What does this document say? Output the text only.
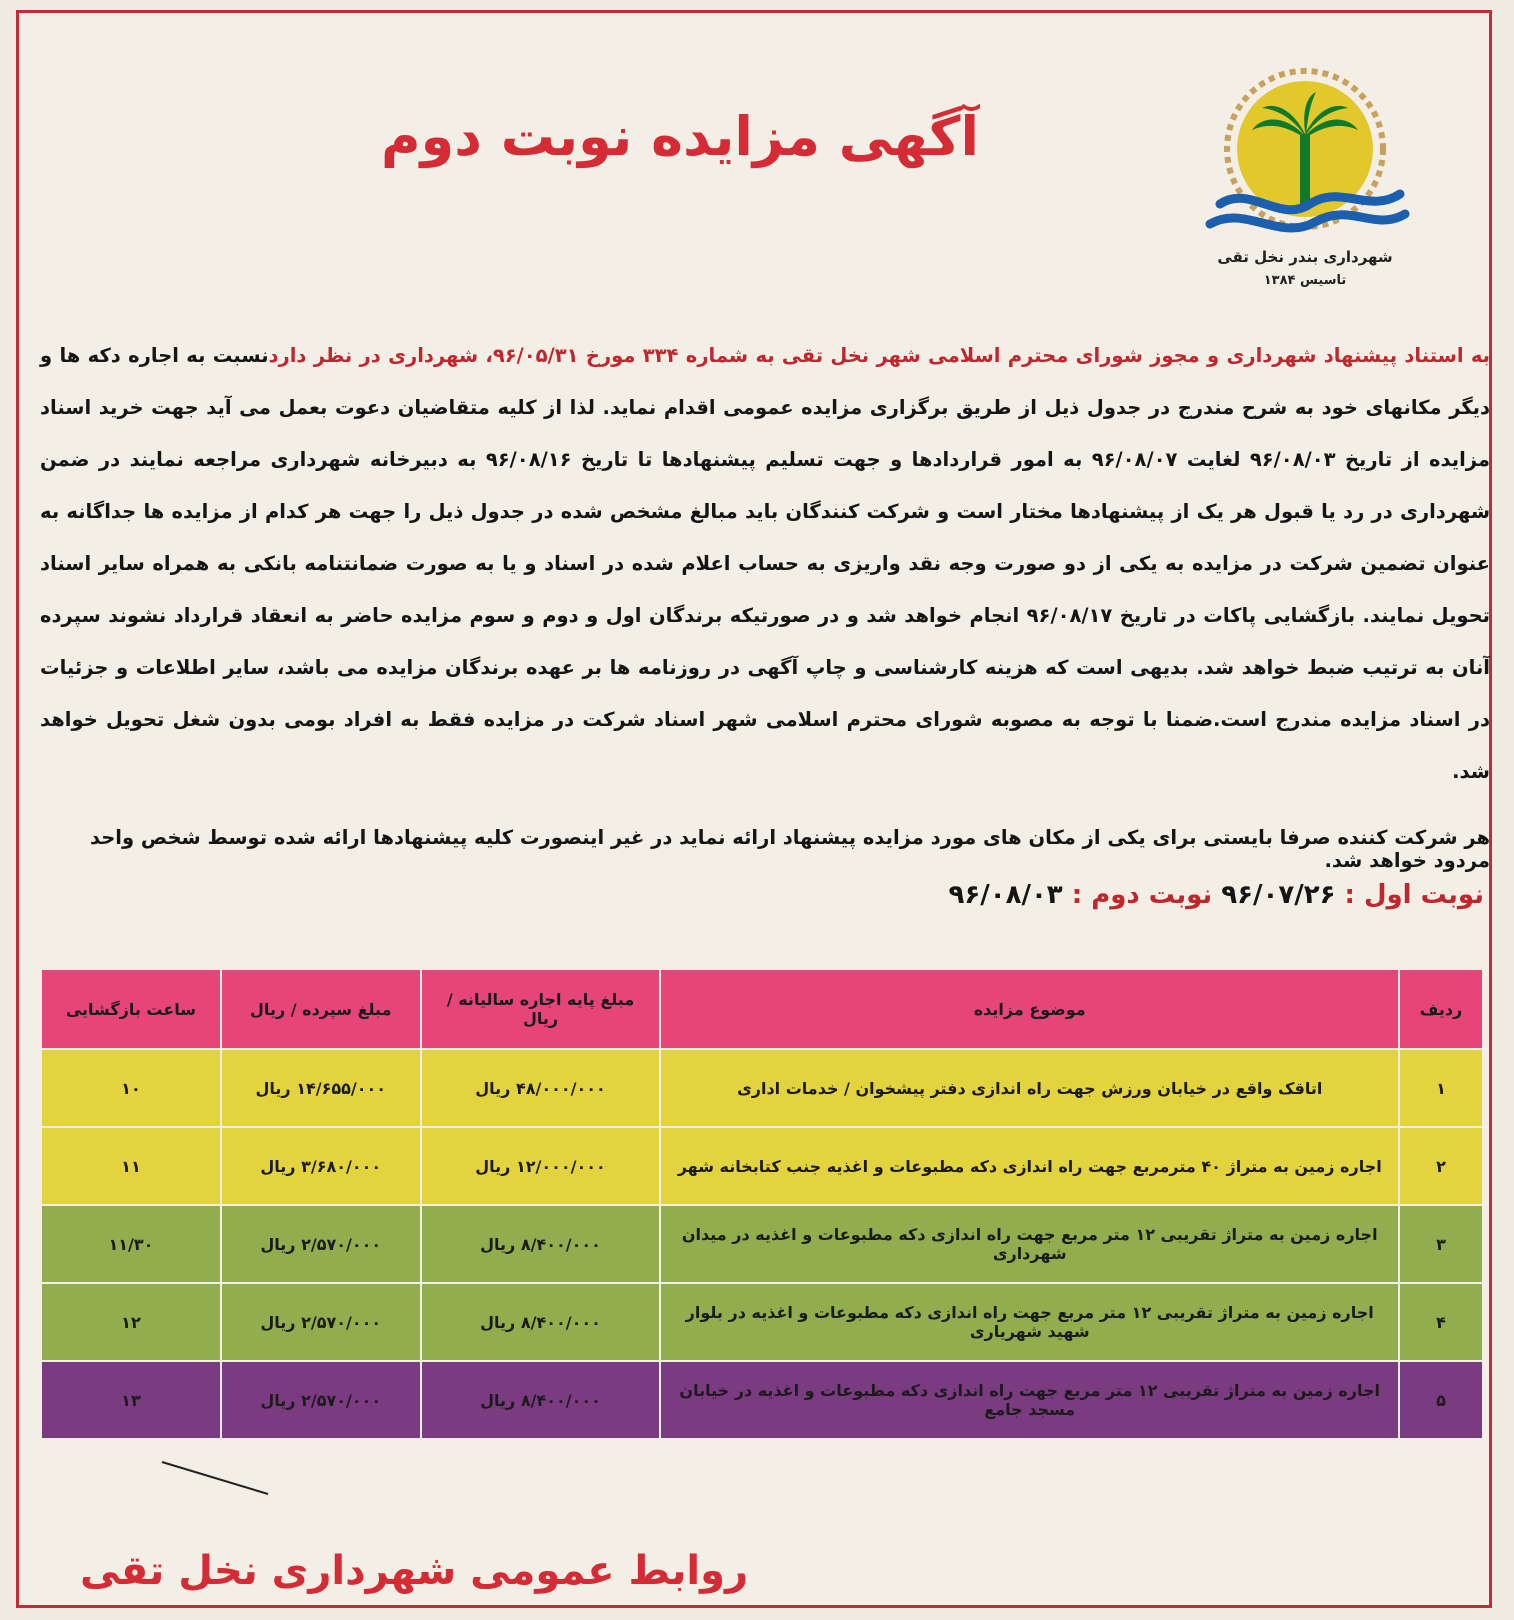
شهرداری بندر نخل تقی
تاسیس ۱۳۸۴
آگهی مزایده نوبت دوم
به استناد پیشنهاد شهرداری و مجوز شورای محترم اسلامی شهر نخل تقی به شماره ۳۳۴ مورخ ۹۶/۰۵/۳۱، شهرداری در نظر داردنسبت به اجاره دکه ها و دیگر مکانهای خود به شرح مندرج در جدول ذیل از طریق برگزاری مزایده عمومی اقدام نماید. لذا از کلیه متقاضیان دعوت بعمل می آید جهت خرید اسناد مزایده از تاریخ ۹۶/۰۸/۰۳ لغایت ۹۶/۰۸/۰۷ به امور قراردادها و جهت تسلیم پیشنهادها تا تاریخ ۹۶/۰۸/۱۶ به دبیرخانه شهرداری مراجعه نمایند در ضمن شهرداری در رد یا قبول هر یک از پیشنهادها مختار است و شرکت کنندگان باید مبالغ مشخص شده در جدول ذیل را جهت هر کدام از مزایده ها جداگانه به عنوان تضمین شرکت در مزایده به یکی از دو صورت وجه نقد واریزی به حساب اعلام شده در اسناد و یا به صورت ضمانتنامه بانکی به همراه سایر اسناد تحویل نمایند. بازگشایی پاکات در تاریخ ۹۶/۰۸/۱۷ انجام خواهد شد و در صورتیکه برندگان اول و دوم و سوم مزایده حاضر به انعقاد قرارداد نشوند سپرده آنان به ترتیب ضبط خواهد شد. بدیهی است که هزینه کارشناسی و چاپ آگهی در روزنامه ها بر عهده برندگان مزایده می باشد، سایر اطلاعات و جزئیات در اسناد مزایده مندرج است.ضمنا با توجه به مصوبه شورای محترم اسلامی شهر اسناد شرکت در مزایده فقط به افراد بومی بدون شغل تحویل خواهد شد.
هر شرکت کننده صرفا بایستی برای یکی از مکان های مورد مزایده پیشنهاد ارائه نماید در غیر اینصورت کلیه پیشنهادها ارائه شده توسط شخص واحد مردود خواهد شد.
نوبت اول : ۹۶/۰۷/۲۶ نوبت دوم : ۹۶/۰۸/۰۳
ردیف	موضوع مزایده	مبلغ پایه اجاره سالیانه / ریال	مبلغ سپرده / ریال	ساعت بازگشایی
۱	اتاقک واقع در خیابان ورزش جهت راه اندازی دفتر پیشخوان / خدمات اداری	۴۸/۰۰۰/۰۰۰ ریال	۱۴/۶۵۵/۰۰۰ ریال	۱۰
۲	اجاره زمین به متراژ ۴۰ مترمربع جهت راه اندازی دکه مطبوعات و اغذیه جنب کتابخانه شهر	۱۲/۰۰۰/۰۰۰ ریال	۳/۶۸۰/۰۰۰ ریال	۱۱
۳	اجاره زمین به متراژ تقریبی ۱۲ متر مربع جهت راه اندازی دکه مطبوعات و اغذیه در میدان شهرداری	۸/۴۰۰/۰۰۰ ریال	۲/۵۷۰/۰۰۰ ریال	۱۱/۳۰
۴	اجاره زمین به متراژ تقریبی ۱۲ متر مربع جهت راه اندازی دکه مطبوعات و اغذیه در بلوار شهید شهریاری	۸/۴۰۰/۰۰۰ ریال	۲/۵۷۰/۰۰۰ ریال	۱۲
۵	اجاره زمین به متراژ تقریبی ۱۲ متر مربع جهت راه اندازی دکه مطبوعات و اغذیه در خیابان مسجد جامع	۸/۴۰۰/۰۰۰ ریال	۲/۵۷۰/۰۰۰ ریال	۱۳
روابط عمومی شهرداری نخل تقی
